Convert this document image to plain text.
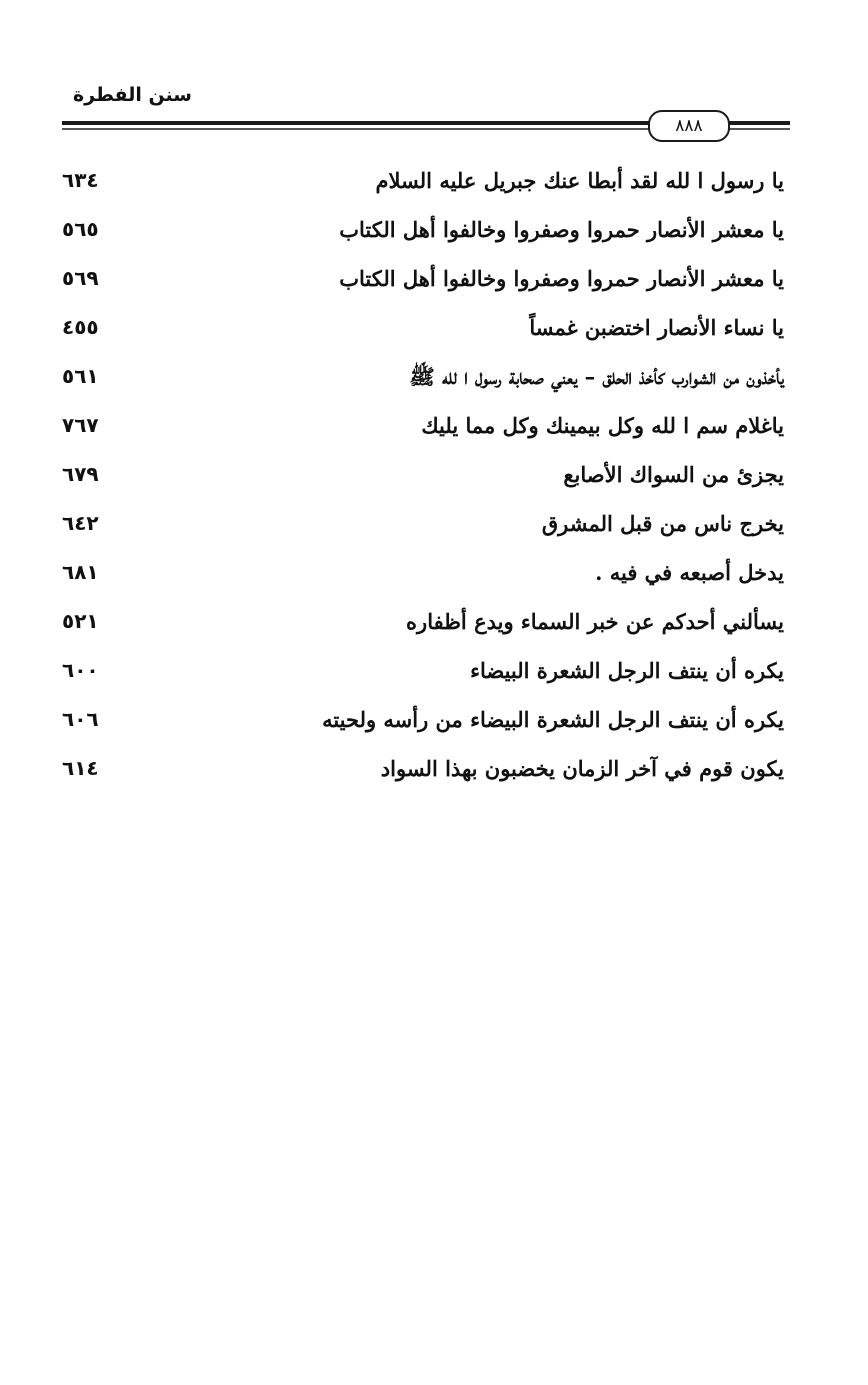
سنن الفطرة
٨٨٨
يا رسول ا لله لقد أبطا عنك جبريل عليه السلام
٦٣٤
يا معشر الأنصار حمروا وصفروا وخالفوا أهل الكتاب
٥٦٥
يا معشر الأنصار حمروا وصفروا وخالفوا أهل الكتاب
٥٦٩
يا نساء الأنصار اختضبن غمساً
٤٥٥
يأخذون من الشوارب كأخذ الحلق – يعني صحابة رسول ا لله ﷺ
٥٦١
ياغلام سم ا لله وكل بيمينك وكل مما يليك
٧٦٧
يجزئ من السواك الأصابع
٦٧٩
يخرج ناس من قبل المشرق
٦٤٢
يدخل أصبعه في فيه .
٦٨١
يسألني أحدكم عن خبر السماء ويدع أظفاره
٥٢١
يكره أن ينتف الرجل الشعرة البيضاء
٦٠٠
يكره أن ينتف الرجل الشعرة البيضاء من رأسه ولحيته
٦٠٦
يكون قوم في آخر الزمان يخضبون بهذا السواد
٦١٤
